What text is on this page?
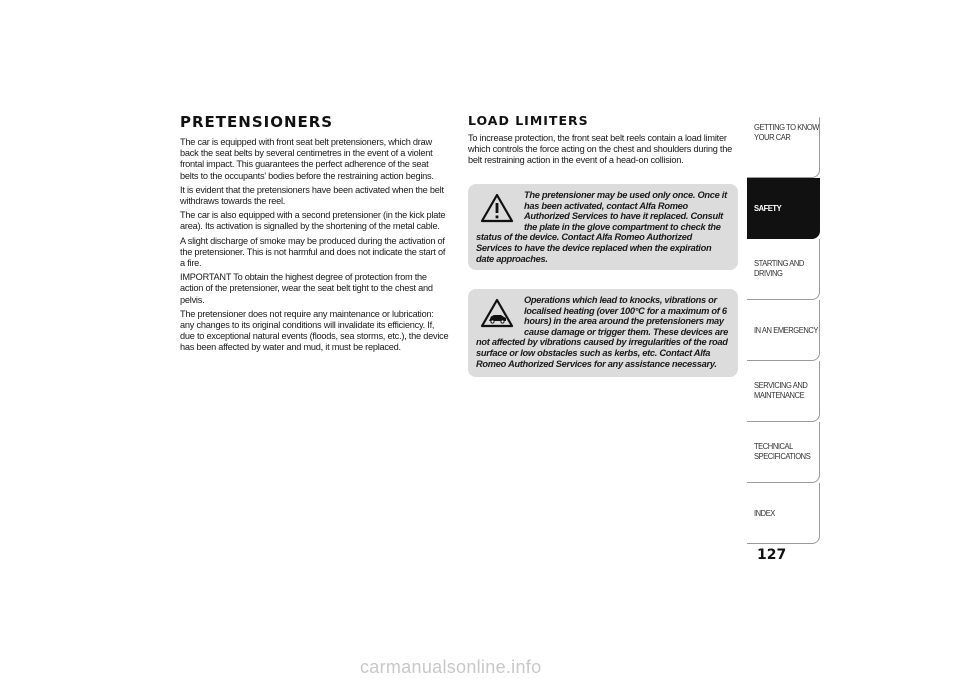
PRETENSIONERS

The car is equipped with front seat belt pretensioners, which draw back the seat belts by several centimetres in the event of a violent frontal impact. This guarantees the perfect adherence of the seat belts to the occupants' bodies before the restraining action begins.

It is evident that the pretensioners have been activated when the belt withdraws towards the reel.

The car is also equipped with a second pretensioner (in the kick plate area). Its activation is signalled by the shortening of the metal cable.

A slight discharge of smoke may be produced during the activation of the pretensioner. This is not harmful and does not indicate the start of a fire.

IMPORTANT To obtain the highest degree of protection from the action of the pretensioner, wear the seat belt tight to the chest and pelvis.

The pretensioner does not require any maintenance or lubrication: any changes to its original conditions will invalidate its efficiency. If, due to exceptional natural events (floods, sea storms, etc.), the device has been affected by water and mud, it must be replaced.

LOAD LIMITERS

To increase protection, the front seat belt reels contain a load limiter which controls the force acting on the chest and shoulders during the belt restraining action in the event of a head-on collision.

The pretensioner may be used only once. Once it has been activated, contact Alfa Romeo Authorized Services to have it replaced. Consult the plate in the glove compartment to check the status of the device. Contact Alfa Romeo Authorized Services to have the device replaced when the expiration date approaches.

Operations which lead to knocks, vibrations or localised heating (over 100°C for a maximum of 6 hours) in the area around the pretensioners may cause damage or trigger them. These devices are not affected by vibrations caused by irregularities of the road surface or low obstacles such as kerbs, etc. Contact Alfa Romeo Authorized Services for any assistance necessary.

GETTING TO KNOW YOUR CAR
SAFETY
STARTING AND DRIVING
IN AN EMERGENCY
SERVICING AND MAINTENANCE
TECHNICAL SPECIFICATIONS
INDEX
127
carmanualsonline.info
